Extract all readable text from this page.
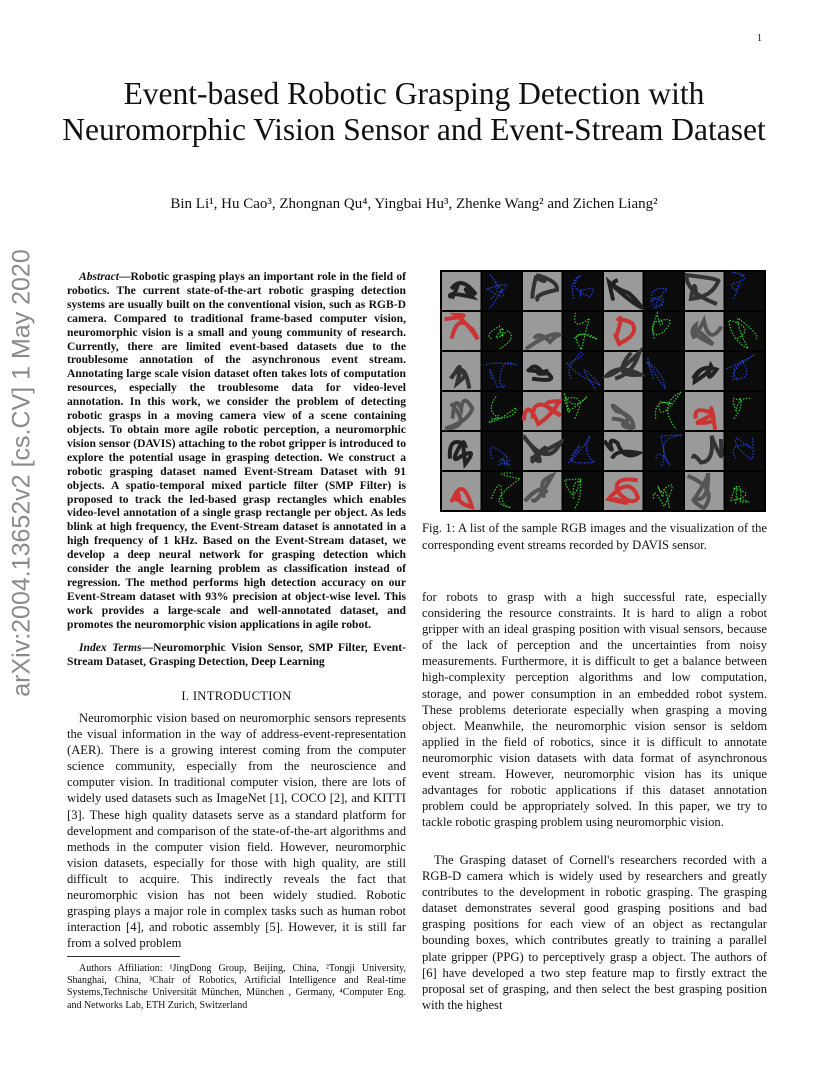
1
arXiv:2004.13652v2 [cs.CV] 1 May 2020
Event-based Robotic Grasping Detection with Neuromorphic Vision Sensor and Event-Stream Dataset
Bin Li¹, Hu Cao³, Zhongnan Qu⁴, Yingbai Hu³, Zhenke Wang² and Zichen Liang²
Abstract—Robotic grasping plays an important role in the field of robotics. The current state-of-the-art robotic grasping detection systems are usually built on the conventional vision, such as RGB-D camera. Compared to traditional frame-based computer vision, neuromorphic vision is a small and young community of research. Currently, there are limited event-based datasets due to the troublesome annotation of the asynchronous event stream. Annotating large scale vision dataset often takes lots of computation resources, especially the troublesome data for video-level annotation. In this work, we consider the problem of detecting robotic grasps in a moving camera view of a scene containing objects. To obtain more agile robotic perception, a neuromorphic vision sensor (DAVIS) attaching to the robot gripper is introduced to explore the potential usage in grasping detection. We construct a robotic grasping dataset named Event-Stream Dataset with 91 objects. A spatio-temporal mixed particle filter (SMP Filter) is proposed to track the led-based grasp rectangles which enables video-level annotation of a single grasp rectangle per object. As leds blink at high frequency, the Event-Stream dataset is annotated in a high frequency of 1 kHz. Based on the Event-Stream dataset, we develop a deep neural network for grasping detection which consider the angle learning problem as classification instead of regression. The method performs high detection accuracy on our Event-Stream dataset with 93% precision at object-wise level. This work provides a large-scale and well-annotated dataset, and promotes the neuromorphic vision applications in agile robot.
Index Terms—Neuromorphic Vision Sensor, SMP Filter, Event-Stream Dataset, Grasping Detection, Deep Learning
I. INTRODUCTION
Neuromorphic vision based on neuromorphic sensors represents the visual information in the way of address-event-representation (AER). There is a growing interest coming from the computer science community, especially from the neuroscience and computer vision. In traditional computer vision, there are lots of widely used datasets such as ImageNet [1], COCO [2], and KITTI [3]. These high quality datasets serve as a standard platform for development and comparison of the state-of-the-art algorithms and methods in the computer vision field. However, neuromorphic vision datasets, especially for those with high quality, are still difficult to acquire. This indirectly reveals the fact that neuromorphic vision has not been widely studied. Robotic grasping plays a major role in complex tasks such as human robot interaction [4], and robotic assembly [5]. However, it is still far from a solved problem
Authors Affiliation: ¹JingDong Group, Beijing, China, ²Tongji University, Shanghai, China, ³Chair of Robotics, Artificial Intelligence and Real-time Systems,Technische Universität München, München , Germany, ⁴Computer Eng. and Networks Lab, ETH Zurich, Switzerland
Fig. 1: A list of the sample RGB images and the visualization of the corresponding event streams recorded by DAVIS sensor.
for robots to grasp with a high successful rate, especially considering the resource constraints. It is hard to align a robot gripper with an ideal grasping position with visual sensors, because of the lack of perception and the uncertainties from noisy measurements. Furthermore, it is difficult to get a balance between high-complexity perception algorithms and low computation, storage, and power consumption in an embedded robot system. These problems deteriorate especially when grasping a moving object. Meanwhile, the neuromorphic vision sensor is seldom applied in the field of robotics, since it is difficult to annotate neuromorphic vision datasets with data format of asynchronous event stream. However, neuromorphic vision has its unique advantages for robotic applications if this dataset annotation problem could be appropriately solved. In this paper, we try to tackle robotic grasping problem using neuromorphic vision.
The Grasping dataset of Cornell's researchers recorded with a RGB-D camera which is widely used by researchers and greatly contributes to the development in robotic grasping. The grasping dataset demonstrates several good grasping positions and bad grasping positions for each view of an object as rectangular bounding boxes, which contributes greatly to training a parallel plate gripper (PPG) to perceptively grasp a object. The authors of [6] have developed a two step feature map to firstly extract the proposal set of grasping, and then select the best grasping position with the highest
